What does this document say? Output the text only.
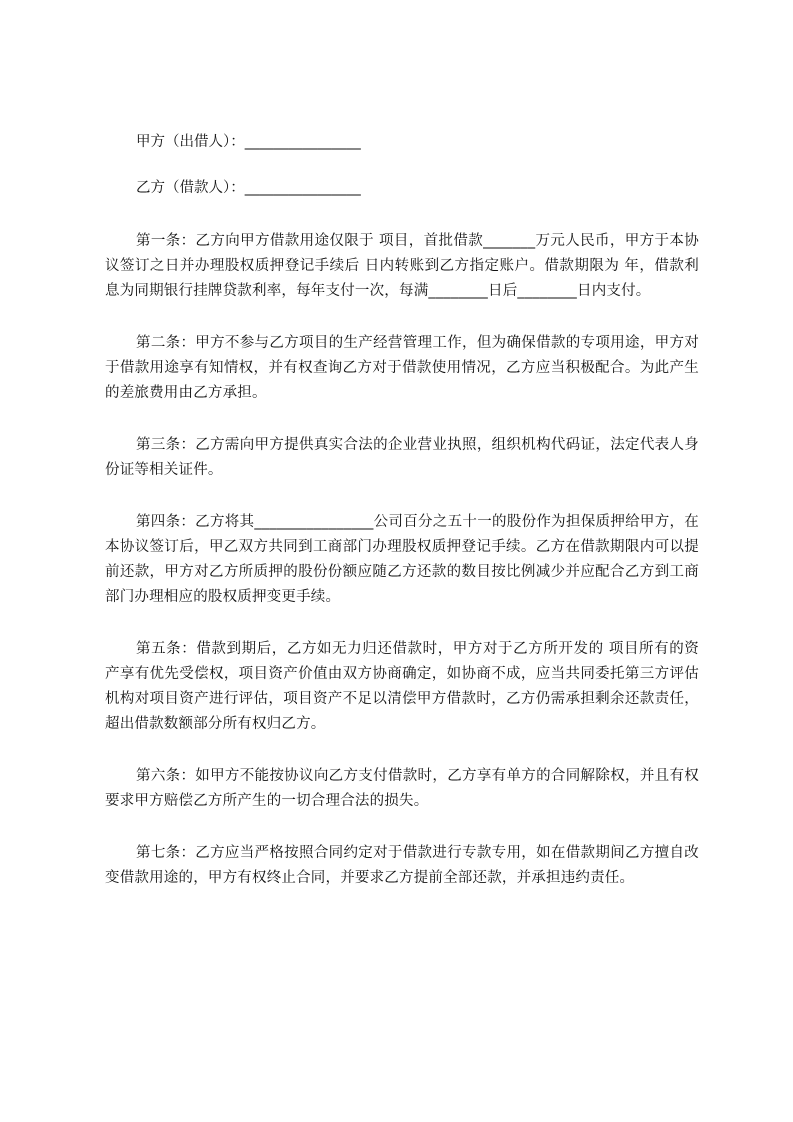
甲方（出借人）：________________

乙方（借款人）：________________

第一条：乙方向甲方借款用途仅限于 项目，首批借款_______万元人民币，甲方于本协议签订之日并办理股权质押登记手续后 日内转账到乙方指定账户。借款期限为 年，借款利息为同期银行挂牌贷款利率，每年支付一次，每满________日后________日内支付。

第二条：甲方不参与乙方项目的生产经营管理工作，但为确保借款的专项用途，甲方对于借款用途享有知情权，并有权查询乙方对于借款使用情况，乙方应当积极配合。为此产生的差旅费用由乙方承担。

第三条：乙方需向甲方提供真实合法的企业营业执照，组织机构代码证，法定代表人身份证等相关证件。

第四条：乙方将其________________公司百分之五十一的股份作为担保质押给甲方，在本协议签订后，甲乙双方共同到工商部门办理股权质押登记手续。乙方在借款期限内可以提前还款，甲方对乙方所质押的股份份额应随乙方还款的数目按比例减少并应配合乙方到工商部门办理相应的股权质押变更手续。

第五条：借款到期后，乙方如无力归还借款时，甲方对于乙方所开发的 项目所有的资产享有优先受偿权，项目资产价值由双方协商确定，如协商不成，应当共同委托第三方评估机构对项目资产进行评估，项目资产不足以清偿甲方借款时，乙方仍需承担剩余还款责任，超出借款数额部分所有权归乙方。

第六条：如甲方不能按协议向乙方支付借款时，乙方享有单方的合同解除权，并且有权要求甲方赔偿乙方所产生的一切合理合法的损失。

第七条：乙方应当严格按照合同约定对于借款进行专款专用，如在借款期间乙方擅自改变借款用途的，甲方有权终止合同，并要求乙方提前全部还款，并承担违约责任。
